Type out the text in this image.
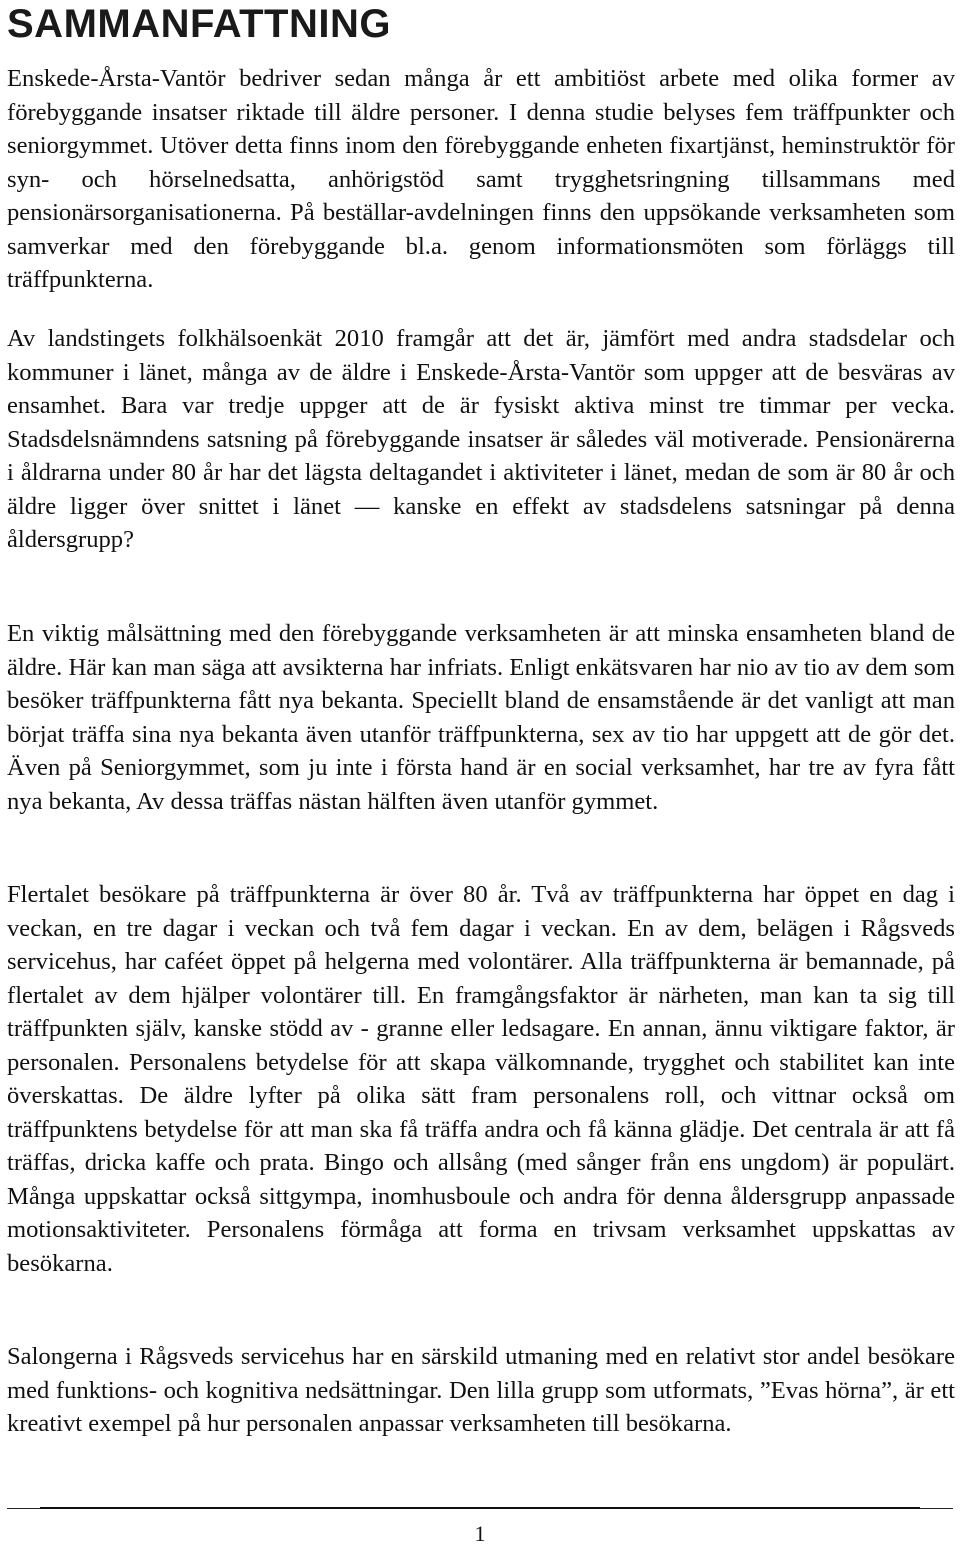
SAMMANFATTNING

Enskede-Årsta-Vantör bedriver sedan många år ett ambitiöst arbete med olika former av förebyggande insatser riktade till äldre personer. I denna studie belyses fem träffpunkter och seniorgymmet. Utöver detta finns inom den förebyggande enheten fixartjänst, heminstruktör för syn- och hörselnedsatta, anhörigstöd samt trygghetsringning tillsammans med pensionärsorganisationerna. På beställar-avdelningen finns den uppsökande verksamheten som samverkar med den förebyggande bl.a. genom informationsmöten som förläggs till träffpunkterna.

Av landstingets folkhälsoenkät 2010 framgår att det är, jämfört med andra stadsdelar och kommuner i länet, många av de äldre i Enskede-Årsta-Vantör som uppger att de besväras av ensamhet. Bara var tredje uppger att de är fysiskt aktiva minst tre timmar per vecka. Stadsdelsnämndens satsning på förebyggande insatser är således väl motiverade. Pensionärerna i åldrarna under 80 år har det lägsta deltagandet i aktiviteter i länet, medan de som är 80 år och äldre ligger över snittet i länet — kanske en effekt av stadsdelens satsningar på denna åldersgrupp?

En viktig målsättning med den förebyggande verksamheten är att minska ensamheten bland de äldre. Här kan man säga att avsikterna har infriats. Enligt enkätsvaren har nio av tio av dem som besöker träffpunkterna fått nya bekanta. Speciellt bland de ensamstående är det vanligt att man börjat träffa sina nya bekanta även utanför träffpunkterna, sex av tio har uppgett att de gör det. Även på Seniorgymmet, som ju inte i första hand är en social verksamhet, har tre av fyra fått nya bekanta, Av dessa träffas nästan hälften även utanför gymmet.

Flertalet besökare på träffpunkterna är över 80 år. Två av träffpunkterna har öppet en dag i veckan, en tre dagar i veckan och två fem dagar i veckan. En av dem, belägen i Rågsveds servicehus, har caféet öppet på helgerna med volontärer. Alla träffpunkterna är bemannade, på flertalet av dem hjälper volontärer till. En framgångsfaktor är närheten, man kan ta sig till träffpunkten själv, kanske stödd av - granne eller ledsagare. En annan, ännu viktigare faktor, är personalen. Personalens betydelse för att skapa välkomnande, trygghet och stabilitet kan inte överskattas. De äldre lyfter på olika sätt fram personalens roll, och vittnar också om träffpunktens betydelse för att man ska få träffa andra och få känna glädje. Det centrala är att få träffas, dricka kaffe och prata. Bingo och allsång (med sånger från ens ungdom) är populärt. Många uppskattar också sittgympa, inomhusboule och andra för denna åldersgrupp anpassade motionsaktiviteter. Personalens förmåga att forma en trivsam verksamhet uppskattas av besökarna.

Salongerna i Rågsveds servicehus har en särskild utmaning med en relativt stor andel besökare med funktions- och kognitiva nedsättningar. Den lilla grupp som utformats, ”Evas hörna”, är ett kreativt exempel på hur personalen anpassar verksamheten till besökarna.

1
